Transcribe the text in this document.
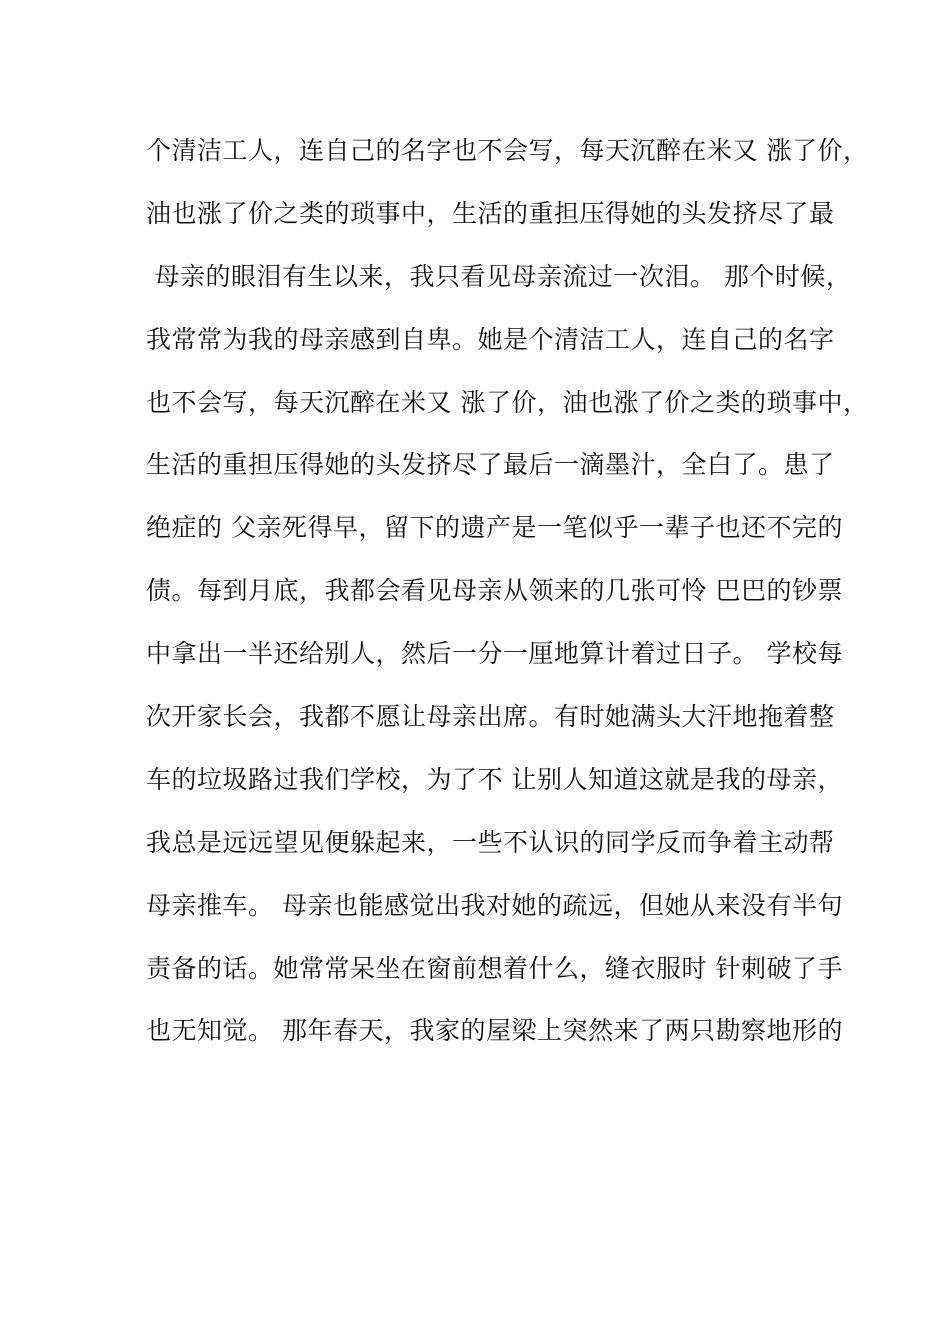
个清洁工人，连自己的名字也不会写，每天沉醉在米又 涨了价，
油也涨了价之类的琐事中，生活的重担压得她的头发挤尽了最
母亲的眼泪有生以来，我只看见母亲流过一次泪。 那个时候，
我常常为我的母亲感到自卑。她是个清洁工人，连自己的名字
也不会写，每天沉醉在米又 涨了价，油也涨了价之类的琐事中，
生活的重担压得她的头发挤尽了最后一滴墨汁，全白了。患了
绝症的 父亲死得早，留下的遗产是一笔似乎一辈子也还不完的
债。每到月底，我都会看见母亲从领来的几张可怜 巴巴的钞票
中拿出一半还给别人，然后一分一厘地算计着过日子。 学校每
次开家长会，我都不愿让母亲出席。有时她满头大汗地拖着整
车的垃圾路过我们学校，为了不 让别人知道这就是我的母亲，
我总是远远望见便躲起来，一些不认识的同学反而争着主动帮
母亲推车。 母亲也能感觉出我对她的疏远，但她从来没有半句
责备的话。她常常呆坐在窗前想着什么，缝衣服时 针刺破了手
也无知觉。 那年春天，我家的屋梁上突然来了两只勘察地形的
